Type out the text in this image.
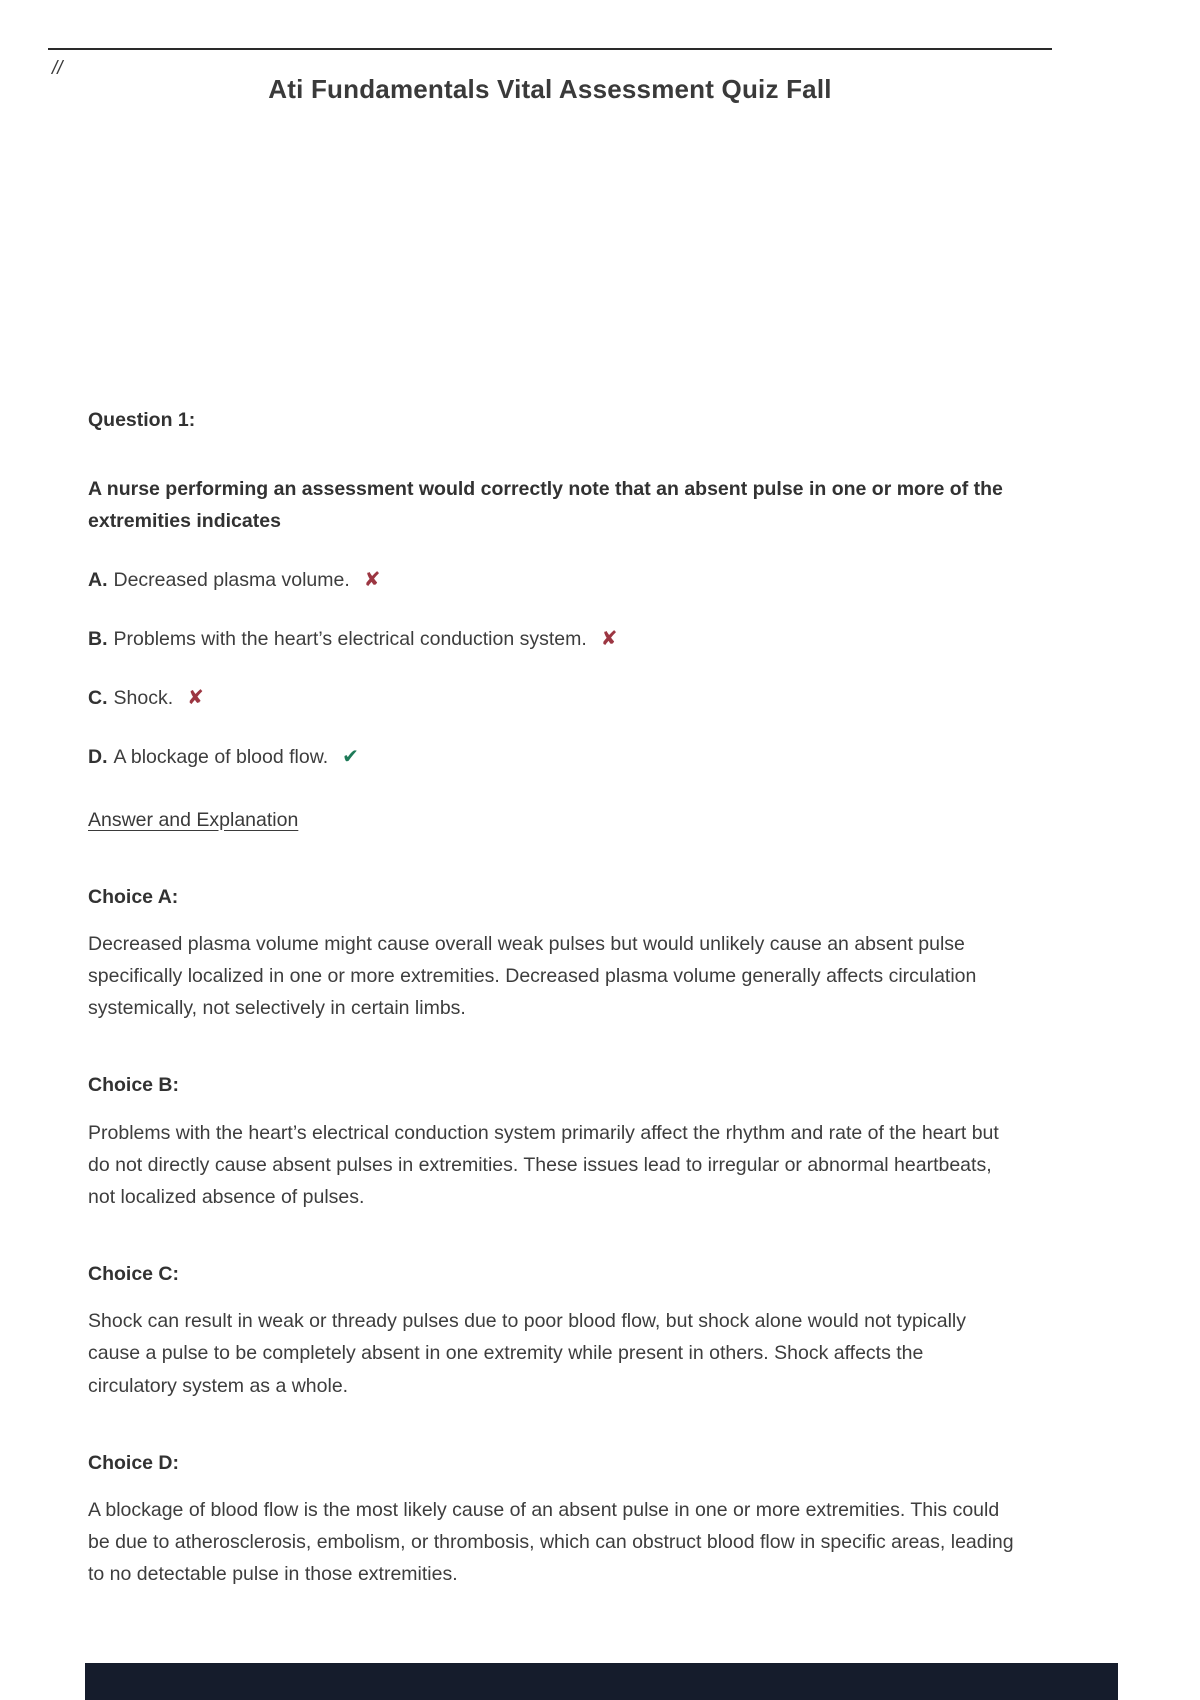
//
Ati Fundamentals Vital Assessment Quiz Fall
Question 1:
A nurse performing an assessment would correctly note that an absent pulse in one or more of the extremities indicates
A. Decreased plasma volume. ✘
B. Problems with the heart’s electrical conduction system. ✘
C. Shock. ✘
D. A blockage of blood flow. ✔
Answer and Explanation
Choice A:
Decreased plasma volume might cause overall weak pulses but would unlikely cause an absent pulse specifically localized in one or more extremities. Decreased plasma volume generally affects circulation systemically, not selectively in certain limbs.
Choice B:
Problems with the heart’s electrical conduction system primarily affect the rhythm and rate of the heart but do not directly cause absent pulses in extremities. These issues lead to irregular or abnormal heartbeats, not localized absence of pulses.
Choice C:
Shock can result in weak or thready pulses due to poor blood flow, but shock alone would not typically cause a pulse to be completely absent in one extremity while present in others. Shock affects the circulatory system as a whole.
Choice D:
A blockage of blood flow is the most likely cause of an absent pulse in one or more extremities. This could be due to atherosclerosis, embolism, or thrombosis, which can obstruct blood flow in specific areas, leading to no detectable pulse in those extremities.
